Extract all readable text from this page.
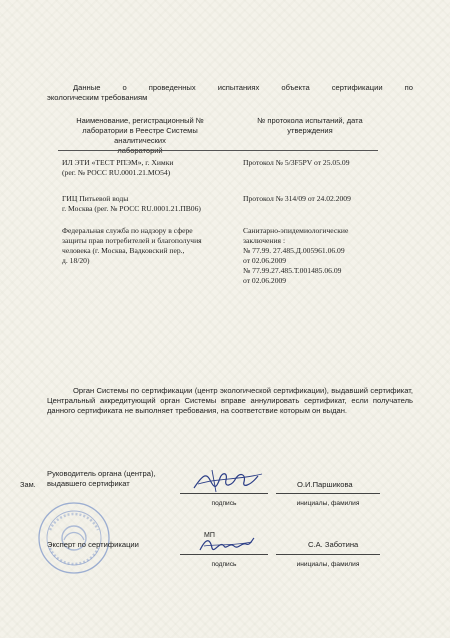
Данные о проведенных испытаниях объекта сертификации по
экологическим требованиям
Наименование, регистрационный №
лаборатории в Реестре Системы аналитических
лабораторий
№ протокола испытаний, дата
утверждения
ИЛ ЭТИ «ТЕСТ РПЭМ», г. Химки
(рег. № РОСС RU.0001.21.МО54)
Протокол № 5/3F5PV от 25.05.09
ГИЦ Питьевой воды
г. Москва (рег. № РОСС RU.0001.21.ПВ06)
Протокол № 314/09 от 24.02.2009
Федеральная служба по надзору в сфере
защиты прав потребителей и благополучия
человека (г. Москва, Вадковский пер.,
д. 18/20)
Санитарно-эпидемиологические
заключения :
№ 77.99. 27.485.Д.005961.06.09
от 02.06.2009
№ 77.99.27.485.Т.001485.06.09
от 02.06.2009
Орган Системы по сертификации (центр экологической сертификации), выдавший сертификат, Центральный аккредитующий орган Системы вправе аннулировать сертификат, если получатель данного сертификата не выполняет требования, на соответствие которым он выдан.
Зам.
Руководитель органа (центра),
выдавшего сертификат
подпись
О.И.Паршикова
инициалы, фамилия
МП
Эксперт по сертификации
подпись
С.А. Заботина
инициалы, фамилия
